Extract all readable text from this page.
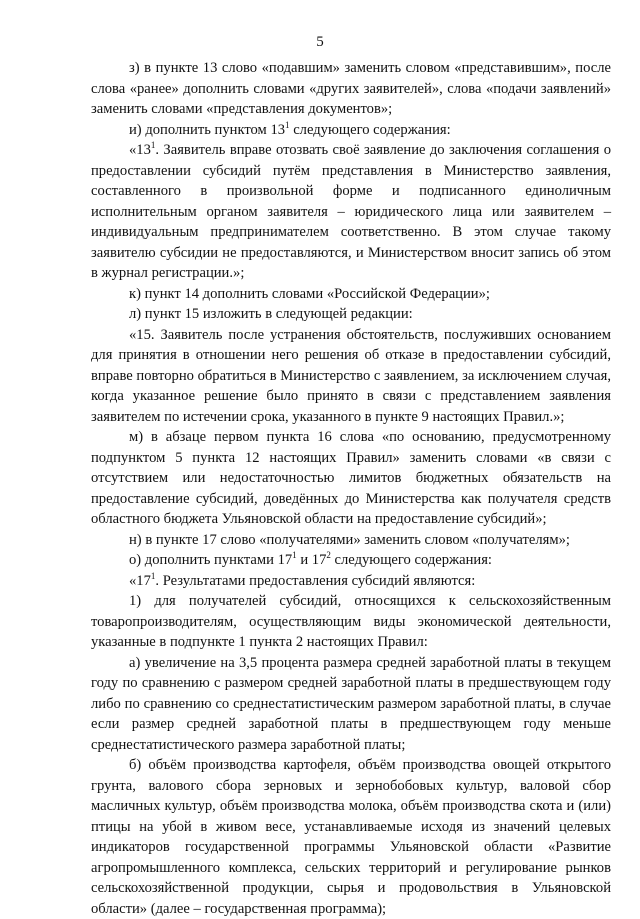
5

з) в пункте 13 слово «подавшим» заменить словом «представившим», после слова «ранее» дополнить словами «других заявителей», слова «подачи заявлений» заменить словами «представления документов»;

и) дополнить пунктом $13^1$ следующего содержания:

«$13^1$. Заявитель вправе отозвать своё заявление до заключения соглашения о предоставлении субсидий путём представления в Министерство заявления, составленного в произвольной форме и подписанного единоличным исполнительным органом заявителя – юридического лица или заявителем – индивидуальным предпринимателем соответственно. В этом случае такому заявителю субсидии не предоставляются, и Министерством вносит запись об этом в журнал регистрации.»;

к) пункт 14 дополнить словами «Российской Федерации»;

л) пункт 15 изложить в следующей редакции:

«15. Заявитель после устранения обстоятельств, послуживших основанием для принятия в отношении него решения об отказе в предоставлении субсидий, вправе повторно обратиться в Министерство с заявлением, за исключением случая, когда указанное решение было принято в связи с представлением заявления заявителем по истечении срока, указанного в пункте 9 настоящих Правил.»;

м) в абзаце первом пункта 16 слова «по основанию, предусмотренному подпунктом 5 пункта 12 настоящих Правил» заменить словами «в связи с отсутствием или недостаточностью лимитов бюджетных обязательств на предоставление субсидий, доведённых до Министерства как получателя средств областного бюджета Ульяновской области на предоставление субсидий»;

н) в пункте 17 слово «получателями» заменить словом «получателям»;

о) дополнить пунктами $17^1$ и $17^2$ следующего содержания:

«$17^1$. Результатами предоставления субсидий являются:

1) для получателей субсидий, относящихся к сельскохозяйственным товаропроизводителям, осуществляющим виды экономической деятельности, указанные в подпункте 1 пункта 2 настоящих Правил:

а) увеличение на 3,5 процента размера средней заработной платы в текущем году по сравнению с размером средней заработной платы в предшествующем году либо по сравнению со среднестатистическим размером заработной платы, в случае если размер средней заработной платы в предшествующем году меньше среднестатистического размера заработной платы;

б) объём производства картофеля, объём производства овощей открытого грунта, валового сбора зерновых и зернобобовых культур, валовой сбор масличных культур, объём производства молока, объём производства скота и (или) птицы на убой в живом весе, устанавливаемые исходя из значений целевых индикаторов государственной программы Ульяновской области «Развитие агропромышленного комплекса, сельских территорий и регулирование рынков сельскохозяйственной продукции, сырья и продовольствия в Ульяновской области» (далее – государственная программа);
